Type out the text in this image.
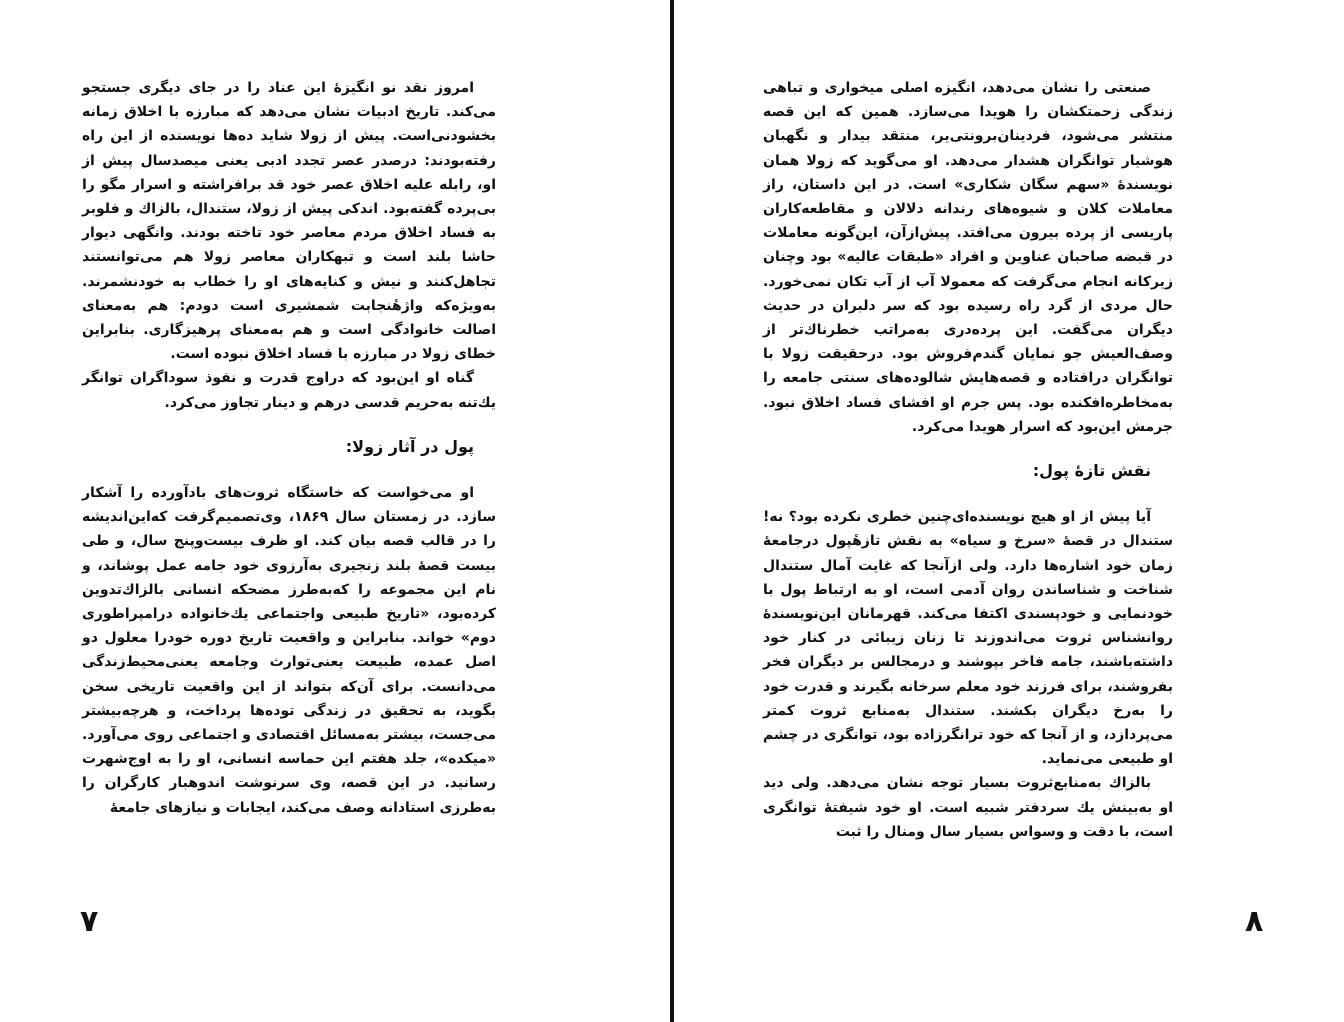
امروز نقد نو انگیزهٔ این عناد را در جای دیگری جستجو می‌کند. تاریخ ادبیات نشان می‌دهد که مبارزه با اخلاق زمانه بخشودنی‌است. پیش از زولا شاید ده‌ها نویسنده از این راه رفته‌بودند: درصدر عصر تجدد ادبی یعنی میصدسال پیش از او، رابله علیه اخلاق عصر خود قد برافراشته و اسرار مگو را بی‌پرده گفته‌بود. اندکی پیش از زولا، ستندال، بالزاك و فلوبر به فساد اخلاق مردم معاصر خود تاخته بودند. وانگهی دیوار حاشا بلند است و تبهکاران معاصر زولا هم می‌توانستند تجاهل‌کنند و نیش و کنایه‌های او را خطاب به خودنشمرند. به‌ویژه‌که واژهٔنجابت شمشیری است دودم: هم به‌معنای اصالت خانوادگی است و هم به‌معنای پرهیزگاری. بنابراین خطای زولا در مبارزه با فساد اخلاق نبوده است.

گناه او این‌بود که دراوج قدرت و نفوذ سوداگران توانگر یك‌تنه به‌حریم قدسی درهم و دینار تجاوز می‌کرد.

پول در آثار زولا:

او می‌خواست که خاستگاه ثروت‌های بادآورده را آشکار سازد. در زمستان سال ۱۸۶۹، وی‌تصمیم‌گرفت که‌این‌اندیشه را در قالب قصه بیان کند. او ظرف بیست‌وپنج سال، و طی بیست قصهٔ بلند زنجیری به‌آرزوی خود جامه عمل پوشاند، و نام این مجموعه را که‌به‌طرز مضحکه انسانی بالزاك‌تدوین کرده‌بود، «تاریخ طبیعی واجتماعی یك‌خانواده درامپراطوری دوم» خواند. بنابراین و واقعیت تاریخ دوره خودرا معلول دو اصل عمده، طبیعت یعنی‌توارث وجامعه یعنی‌محیط‌زندگی می‌دانست. برای آن‌که بتواند از این واقعیت تاریخی سخن بگوید، به تحقیق در زندگی توده‌ها پرداخت، و هرچه‌بیشتر می‌جست، بیشتر به‌مسائل اقتصادی و اجتماعی روی می‌آورد. «میکده»، جلد هفتم این حماسه انسانی، او را به اوج‌شهرت رسانید. در این قصه، وی سرنوشت اندوهبار کارگران را به‌طرزی استادانه وصف می‌کند، ایجابات و نیازهای جامعهٔ

۷

صنعتی را نشان می‌دهد، انگیزه اصلی میخواری و تباهی زندگی زحمتکشان را هویدا می‌سازد. همین که این قصه منتشر می‌شود، فردینان‌برونتی‌یر، منتقد بیدار و نگهبان هوشیار توانگران هشدار می‌دهد. او می‌گوید که زولا همان نویسندهٔ «سهم سگان شکاری» است. در این داستان، راز معاملات کلان و شیوه‌های رندانه دلالان و مقاطعه‌کاران پاریسی از پرده بیرون می‌افتد. پیش‌ازآن، این‌گونه معاملات در قبضه صاحبان عناوین و افراد «طبقات عالیه» بود وچنان زیرکانه انجام می‌گرفت که معمولا آب از آب تکان نمی‌خورد. حال مردی از گرد راه رسیده بود که سر دلبران در حدیث دیگران می‌گفت. این پرده‌دری به‌مراتب خطرناك‌تر از وصف‌العیش جو نمایان گندم‌فروش بود. درحقیقت زولا با توانگران درافتاده و قصه‌هایش شالوده‌های سنتی جامعه را به‌مخاطره‌افکنده بود. پس جرم او افشای فساد اخلاق نبود. جرمش این‌بود که اسرار هویدا می‌کرد.

نقش تازهٔ پول:

آیا پیش از او هیچ نویسنده‌ای‌چنین خطری نکرده بود؟ نه! ستندال در قصهٔ «سرخ و سیاه» به نقش تازهٔپول درجامعهٔ زمان خود اشاره‌ها دارد. ولی ازآنجا که غایت آمال ستندال شناخت و شناساندن روان آدمی است، او به ارتباط پول با خودنمایی و خودپسندی اکتفا می‌کند. قهرمانان این‌نویسندهٔ روانشناس ثروت می‌اندوزند تا زنان زیبائی در کنار خود داشته‌باشند، جامه فاخر بپوشند و درمجالس بر دیگران فخر بفروشند، برای فرزند خود معلم سرخانه بگیرند و قدرت خود را به‌رخ دیگران بکشند. ستندال به‌منابع ثروت کمتر می‌پردازد، و از آنجا که خود ترانگرزاده بود، توانگری در چشم او طبیعی می‌نماید.

بالزاك به‌منابع‌ثروت بسیار توجه نشان می‌دهد. ولی دید او به‌بینش یك سردفتر شبیه است. او خود شیفتهٔ توانگری است، با دقت و وسواس بسیار سال ومنال را ثبت

۸
